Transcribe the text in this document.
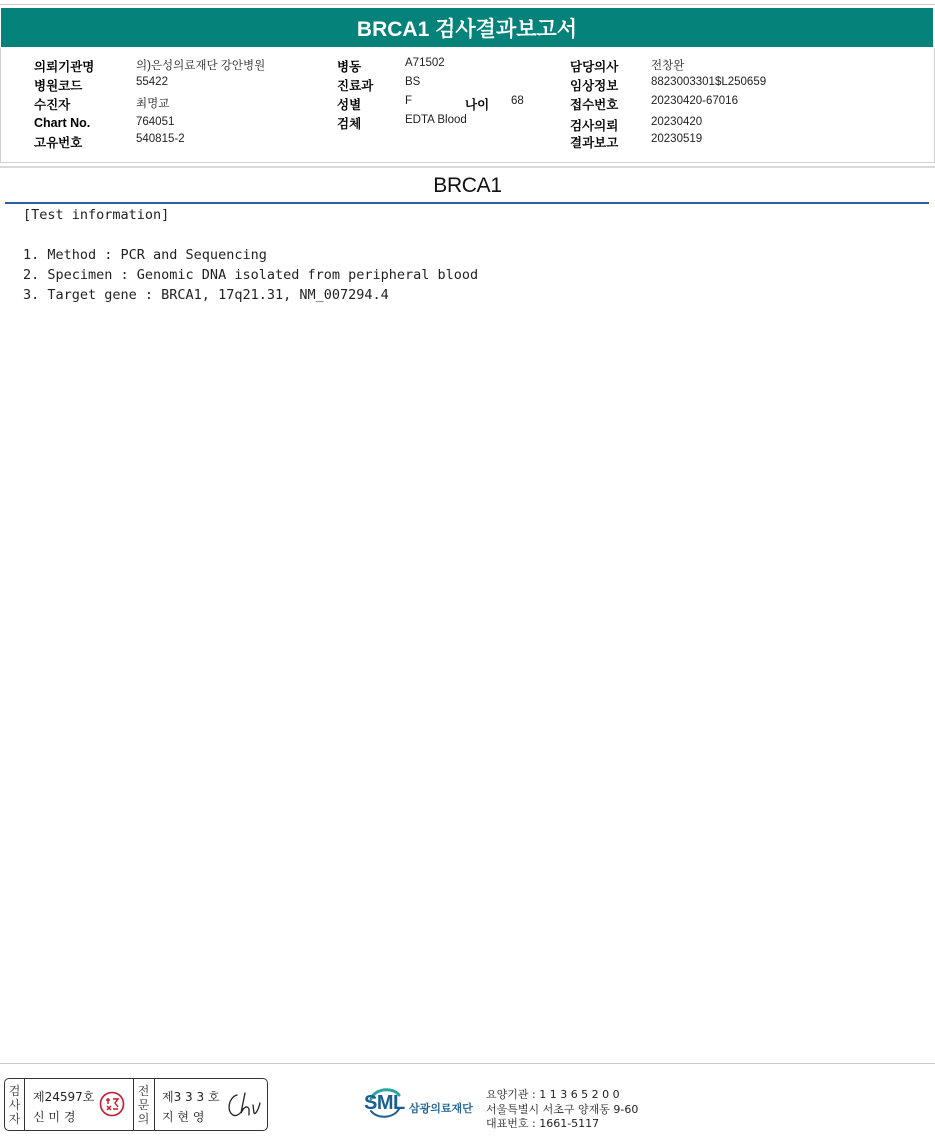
BRCA1 검사결과보고서
의뢰기관명	의)은성의료재단 강안병원
병원코드	55422
수진자	최명교
Chart No.	764051
고유번호	540815-2
병동	A71502
진료과	BS
성별	F	나이 68
검체	EDTA Blood
담당의사	전창완
임상정보	8823003301$L250659
접수번호	20230420-67016
검사의뢰	20230420
결과보고	20230519
BRCA1
[Test information]
1. Method : PCR and Sequencing
2. Specimen : Genomic DNA isolated from peripheral blood
3. Target gene : BRCA1, 17q21.31, NM_007294.4
검
사
자
제24597호
신 미 경
전
문
의
제3 3 3 호
지 현 영
SML 삼광의료재단
요양기관 : 1 1 3 6 5 2 0 0
서울특별시 서초구 양재동 9-60
대표번호 : 1661-5117
